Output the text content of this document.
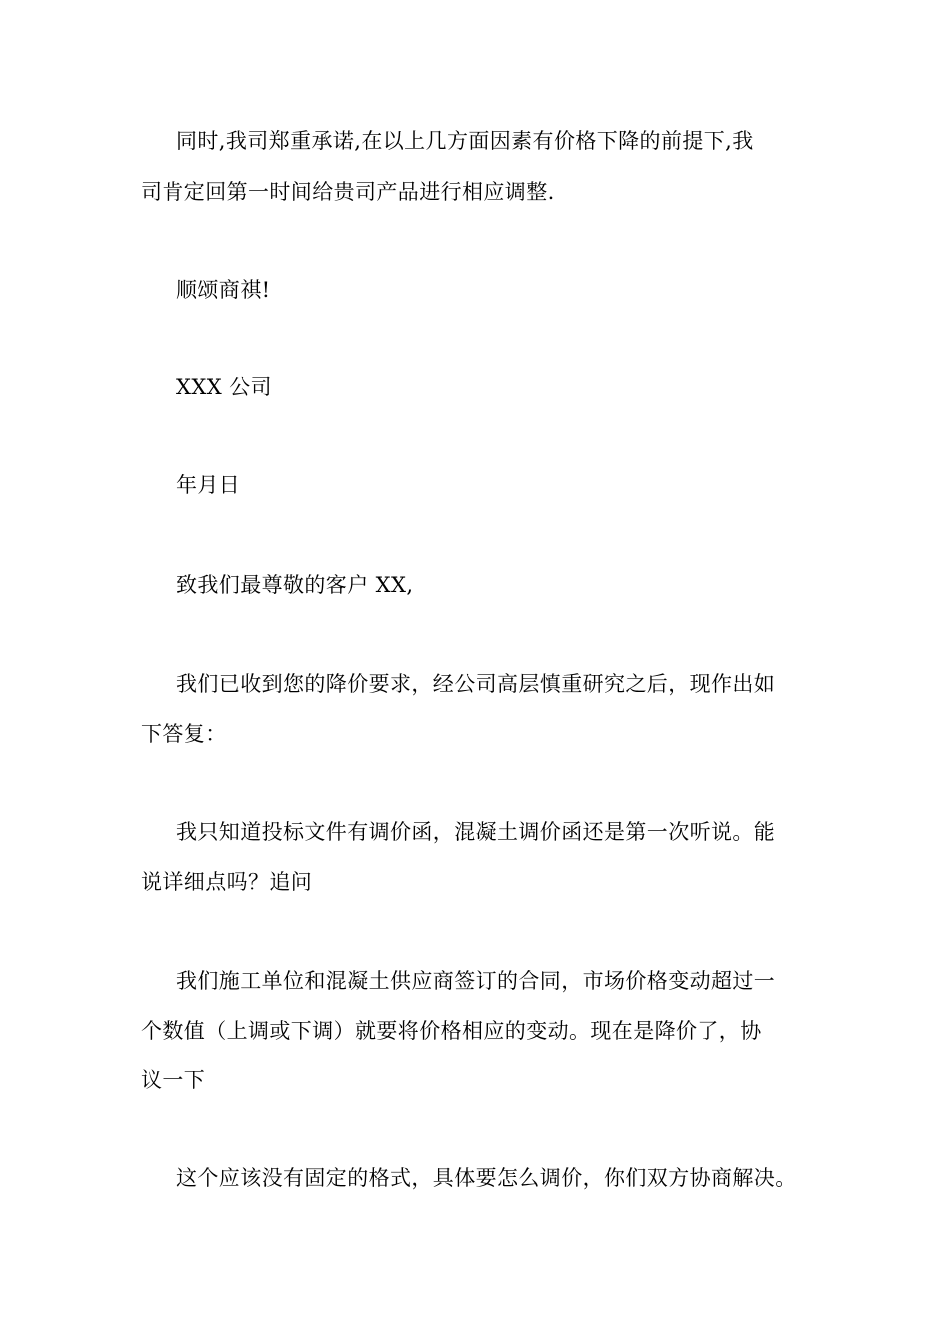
同时,我司郑重承诺,在以上几方面因素有价格下降的前提下,我
司肯定回第一时间给贵司产品进行相应调整.
顺颂商祺!
XXX 公司
年月日
致我们最尊敬的客户 XX,
我们已收到您的降价要求，经公司高层慎重研究之后，现作出如
下答复：
我只知道投标文件有调价函，混凝土调价函还是第一次听说。能
说详细点吗？追问
我们施工单位和混凝土供应商签订的合同，市场价格变动超过一
个数值（上调或下调）就要将价格相应的变动。现在是降价了，协
议一下
这个应该没有固定的格式，具体要怎么调价，你们双方协商解决。
